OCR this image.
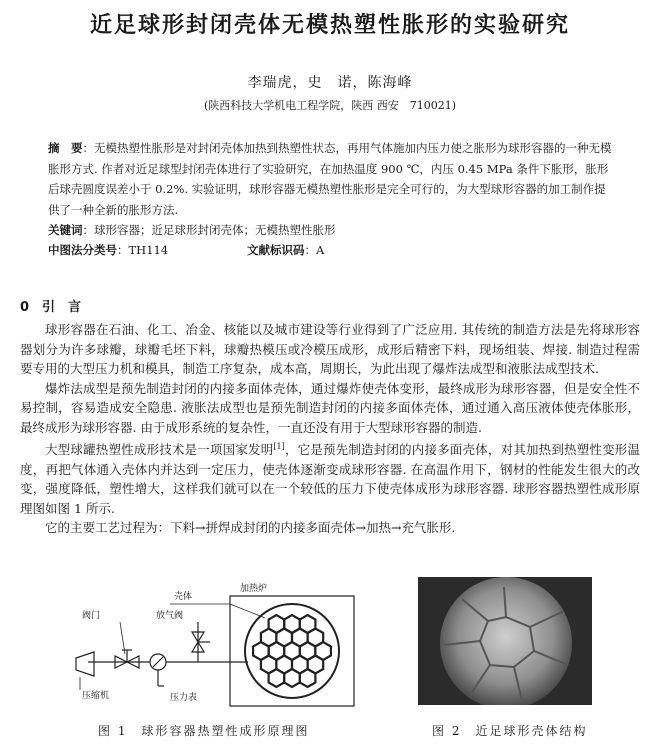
近足球形封闭壳体无模热塑性胀形的实验研究
李瑞虎，史　诺，陈海峰
(陕西科技大学机电工程学院，陕西 西安　710021)
摘　要：无模热塑性胀形是对封闭壳体加热到热塑性状态，再用气体施加内压力使之胀形为球形容器的一种无模胀形方式. 作者对近足球型封闭壳体进行了实验研究，在加热温度 900 ℃，内压 0.45 MPa 条件下胀形，胀形后球壳圆度误差小于 0.2%. 实验证明，球形容器无模热塑性胀形是完全可行的，为大型球形容器的加工制作提供了一种全新的胀形方法.
关键词：球形容器；近足球形封闭壳体；无模热塑性胀形
中图法分类号：TH114	文献标识码：A
0　引　言

球形容器在石油、化工、冶金、核能以及城市建设等行业得到了广泛应用. 其传统的制造方法是先将球形容器划分为许多球瓣，球瓣毛坯下料，球瓣热模压或冷模压成形，成形后精密下料，现场组装、焊接. 制造过程需要专用的大型压力机和模具，制造工序复杂，成本高，周期长，为此出现了爆炸法成型和液胀法成型技术.

爆炸法成型是预先制造封闭的内接多面体壳体，通过爆炸使壳体变形，最终成形为球形容器，但是安全性不易控制，容易造成安全隐患. 液胀法成型也是预先制造封闭的内接多面体壳体，通过通入高压液体使壳体胀形，最终成形为球形容器. 由于成形系统的复杂性，一直还没有用于大型球形容器的制造.

大型球罐热塑性成形技术是一项国家发明[1]，它是预先制造封闭的内接多面壳体，对其加热到热塑性变形温度，再把气体通入壳体内并达到一定压力，使壳体逐渐变成球形容器. 在高温作用下，钢材的性能发生很大的改变，强度降低，塑性增大，这样我们就可以在一个较低的压力下使壳体成形为球形容器. 球形容器热塑性成形原理图如图 1 所示.

它的主要工艺过程为：下料→拼焊成封闭的内接多面壳体→加热→充气胀形.

壳体
加热炉
阀门	放气阀
压缩机	压力表
图 1　球形容器热塑性成形原理图	图 2　近足球形壳体结构
